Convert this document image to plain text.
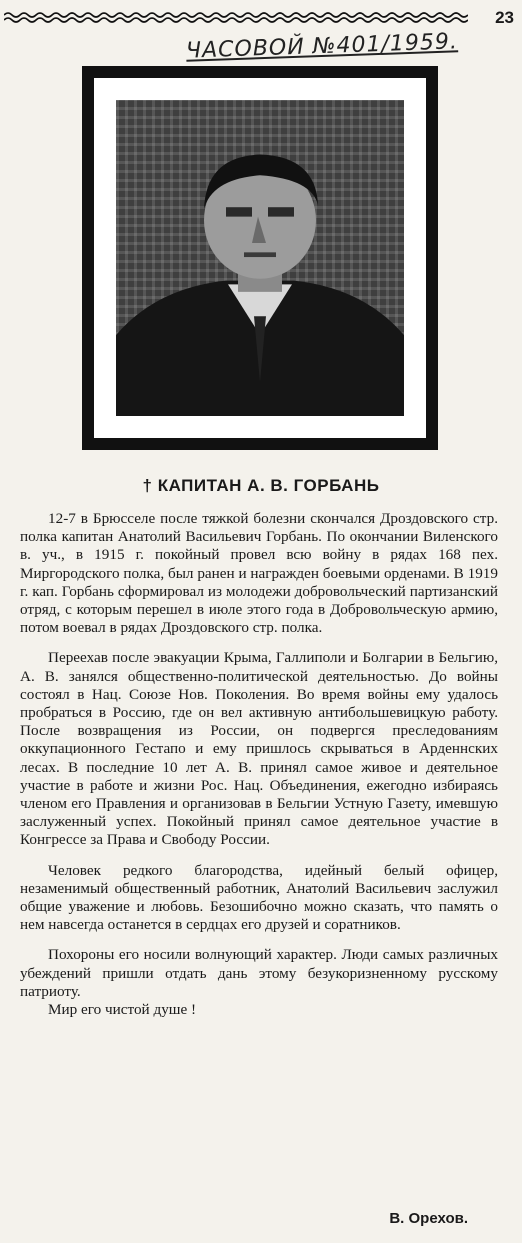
23
ЧАСОВОЙ №401/1959.
† КАПИТАН А. В. ГОРБАНЬ

12-7 в Брюсселе после тяжкой болезни скончался Дроздовского стр. полка капитан Анатолий Васильевич Горбань. По окончании Виленского в. уч., в 1915 г. покойный провел всю войну в рядах 168 пех. Миргородского полка, был ранен и награжден боевыми орденами. В 1919 г. кап. Горбань сформировал из молодежи добровольческий партизанский отряд, с которым перешел в июле этого года в Добровольческую армию, потом воевал в рядах Дроздовского стр. полка.

Переехав после эвакуации Крыма, Галлиполи и Болгарии в Бельгию, А. В. занялся общественно-политической деятельностью. До войны состоял в Нац. Союзе Нов. Поколения. Во время войны ему удалось пробраться в Россию, где он вел активную антибольшевицкую работу. После возвращения из России, он подвергся преследованиям оккупационного Гестапо и ему пришлось скрываться в Арденнских лесах. В последние 10 лет А. В. принял самое живое и деятельное участие в работе и жизни Рос. Нац. Объединения, ежегодно избираясь членом его Правления и организовав в Бельгии Устную Газету, имевшую заслуженный успех. Покойный принял самое деятельное участие в Конгрессе за Права и Свободу России.

Человек редкого благородства, идейный белый офицер, незаменимый общественный работник, Анатолий Васильевич заслужил общие уважение и любовь. Безошибочно можно сказать, что память о нем навсегда останется в сердцах его друзей и соратников.

Похороны его носили волнующий характер. Люди самых различных убеждений пришли отдать дань этому безукоризненному русскому патриоту.

Мир его чистой душе !
В. Орехов.
